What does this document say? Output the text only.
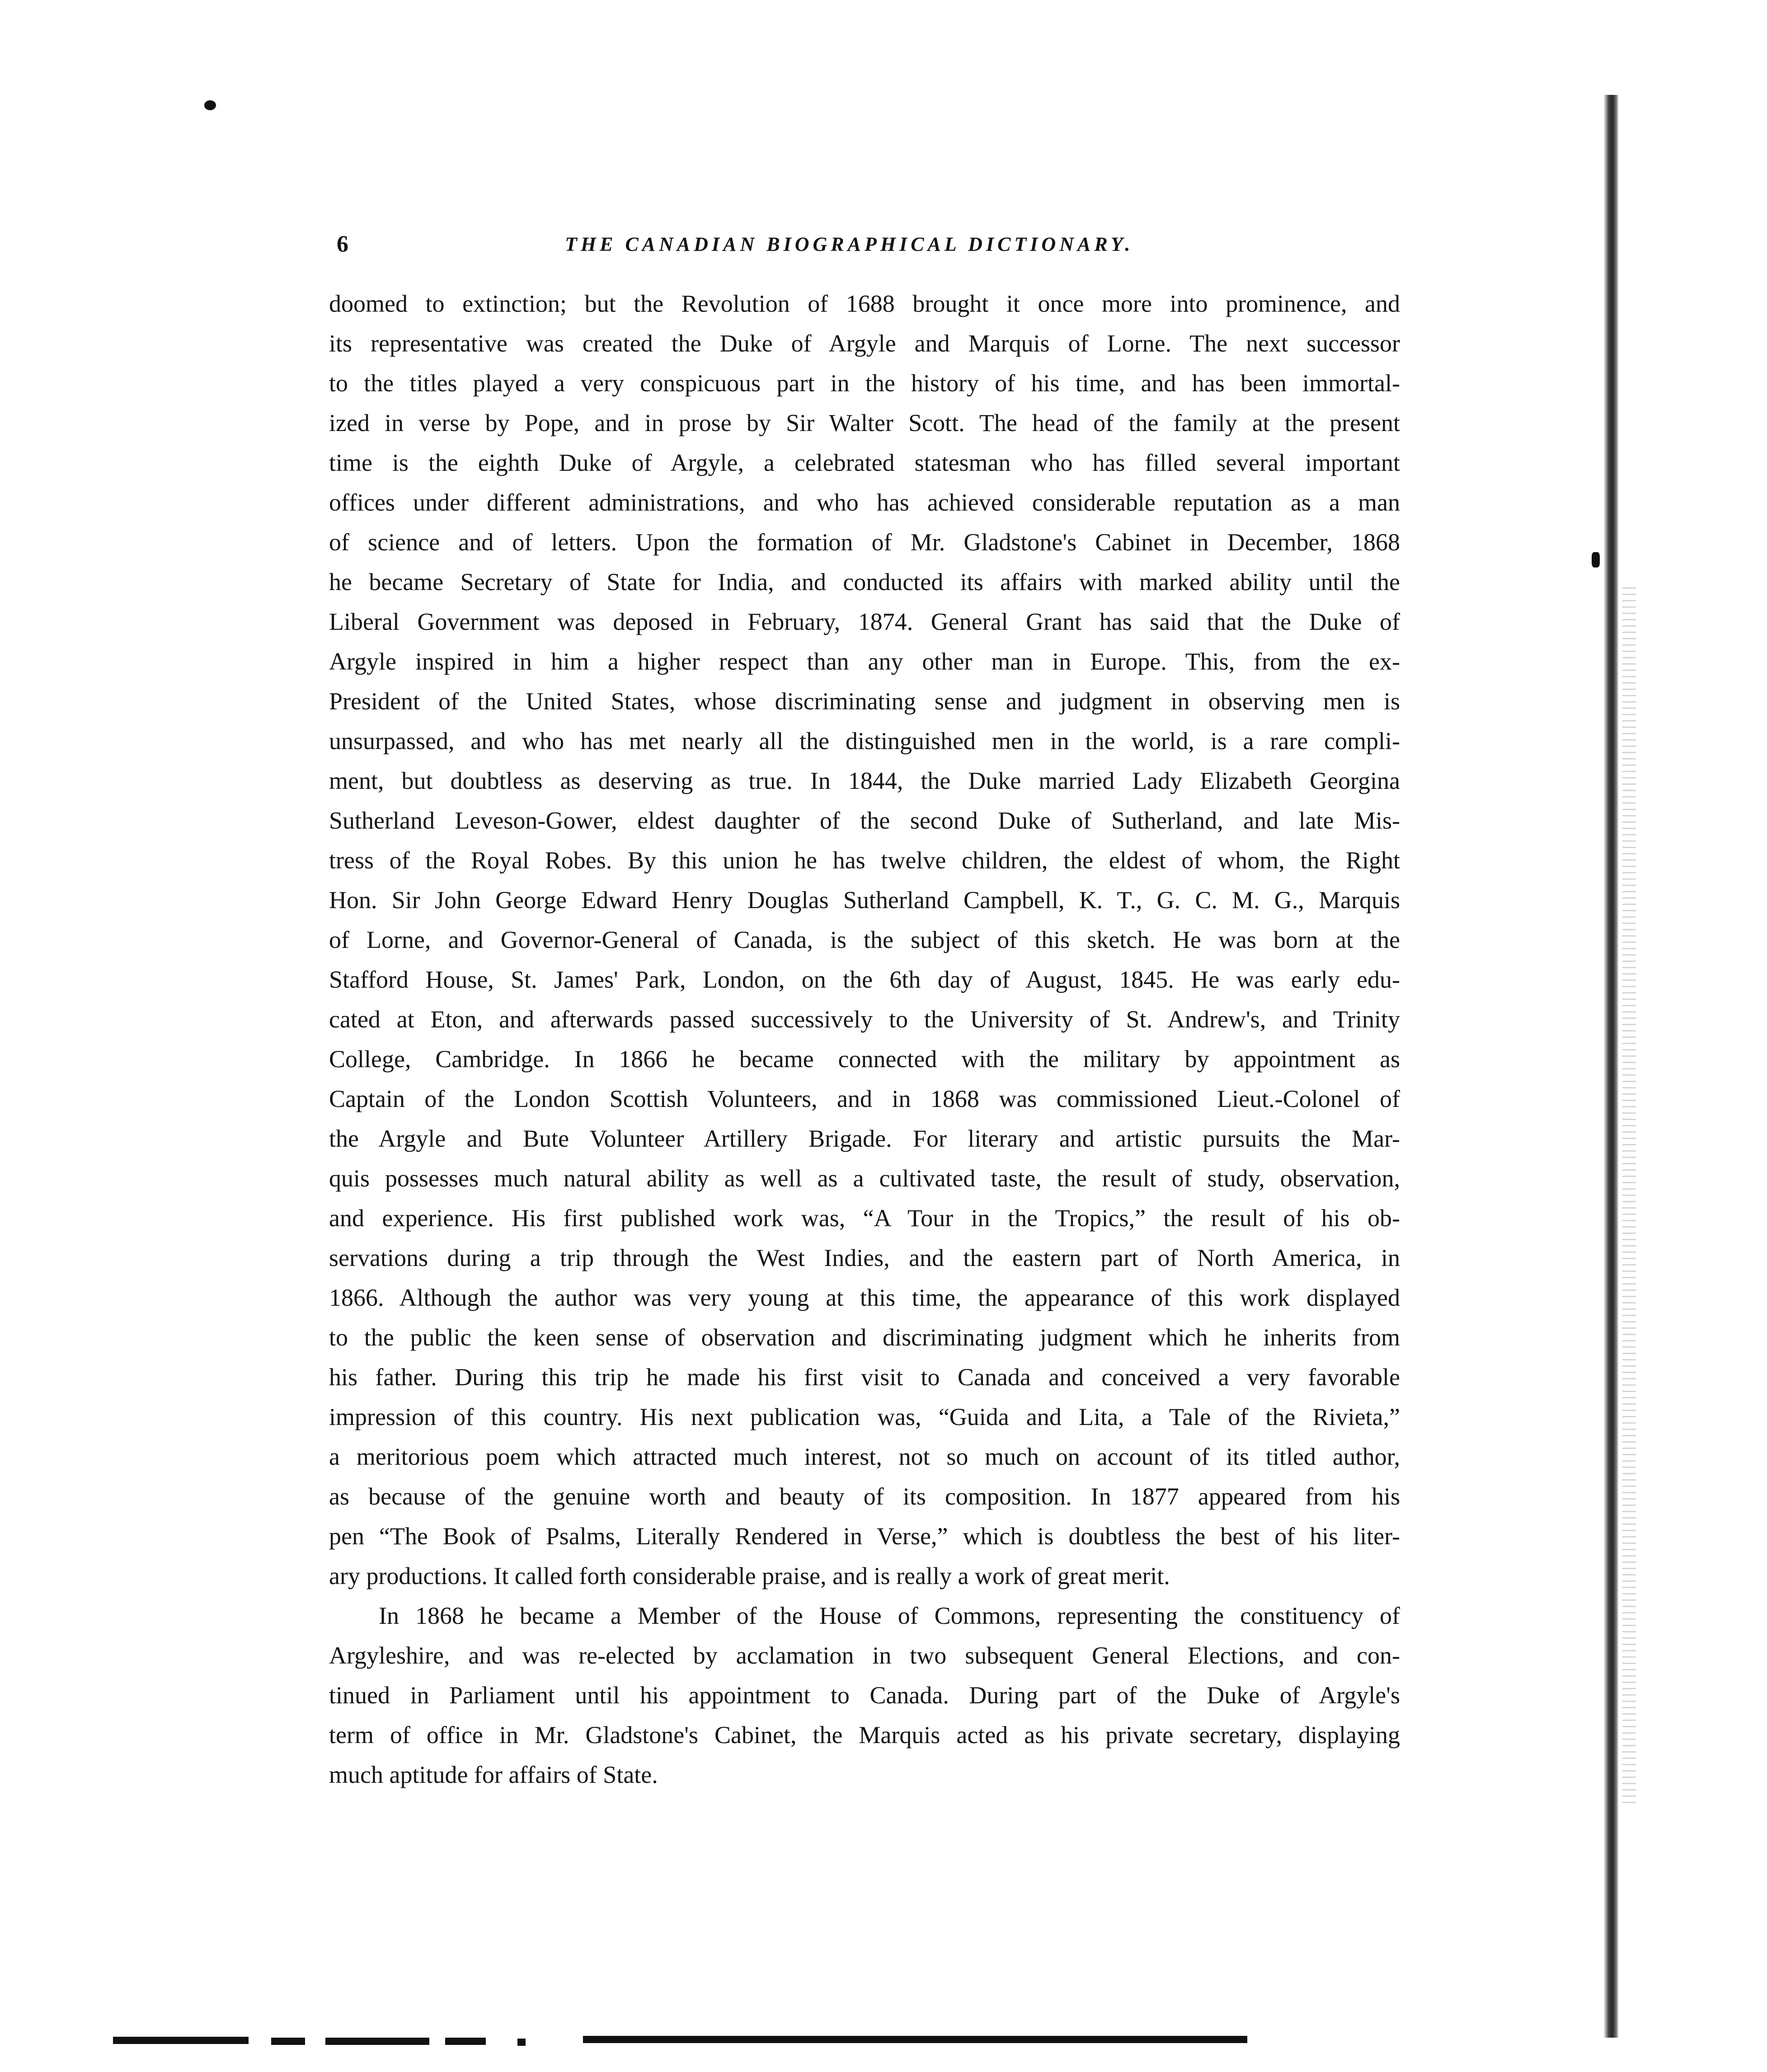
6	THE CANADIAN BIOGRAPHICAL DICTIONARY.
doomed to extinction; but the Revolution of 1688 brought it once more into prominence, and
its representative was created the Duke of Argyle and Marquis of Lorne. The next successor
to the titles played a very conspicuous part in the history of his time, and has been immortal-
ized in verse by Pope, and in prose by Sir Walter Scott. The head of the family at the present
time is the eighth Duke of Argyle, a celebrated statesman who has filled several important
offices under different administrations, and who has achieved considerable reputation as a man
of science and of letters. Upon the formation of Mr. Gladstone's Cabinet in December, 1868
he became Secretary of State for India, and conducted its affairs with marked ability until the
Liberal Government was deposed in February, 1874. General Grant has said that the Duke of
Argyle inspired in him a higher respect than any other man in Europe. This, from the ex-
President of the United States, whose discriminating sense and judgment in observing men is
unsurpassed, and who has met nearly all the distinguished men in the world, is a rare compli-
ment, but doubtless as deserving as true. In 1844, the Duke married Lady Elizabeth Georgina
Sutherland Leveson-Gower, eldest daughter of the second Duke of Sutherland, and late Mis-
tress of the Royal Robes. By this union he has twelve children, the eldest of whom, the Right
Hon. Sir John George Edward Henry Douglas Sutherland Campbell, K. T., G. C. M. G., Marquis
of Lorne, and Governor-General of Canada, is the subject of this sketch. He was born at the
Stafford House, St. James' Park, London, on the 6th day of August, 1845. He was early edu-
cated at Eton, and afterwards passed successively to the University of St. Andrew's, and Trinity
College, Cambridge. In 1866 he became connected with the military by appointment as
Captain of the London Scottish Volunteers, and in 1868 was commissioned Lieut.-Colonel of
the Argyle and Bute Volunteer Artillery Brigade. For literary and artistic pursuits the Mar-
quis possesses much natural ability as well as a cultivated taste, the result of study, observation,
and experience. His first published work was, “A Tour in the Tropics,” the result of his ob-
servations during a trip through the West Indies, and the eastern part of North America, in
1866. Although the author was very young at this time, the appearance of this work displayed
to the public the keen sense of observation and discriminating judgment which he inherits from
his father. During this trip he made his first visit to Canada and conceived a very favorable
impression of this country. His next publication was, “Guida and Lita, a Tale of the Rivieta,”
a meritorious poem which attracted much interest, not so much on account of its titled author,
as because of the genuine worth and beauty of its composition. In 1877 appeared from his
pen “The Book of Psalms, Literally Rendered in Verse,” which is doubtless the best of his liter-
ary productions. It called forth considerable praise, and is really a work of great merit.
In 1868 he became a Member of the House of Commons, representing the constituency of
Argyleshire, and was re-elected by acclamation in two subsequent General Elections, and con-
tinued in Parliament until his appointment to Canada. During part of the Duke of Argyle's
term of office in Mr. Gladstone's Cabinet, the Marquis acted as his private secretary, displaying
much aptitude for affairs of State.
